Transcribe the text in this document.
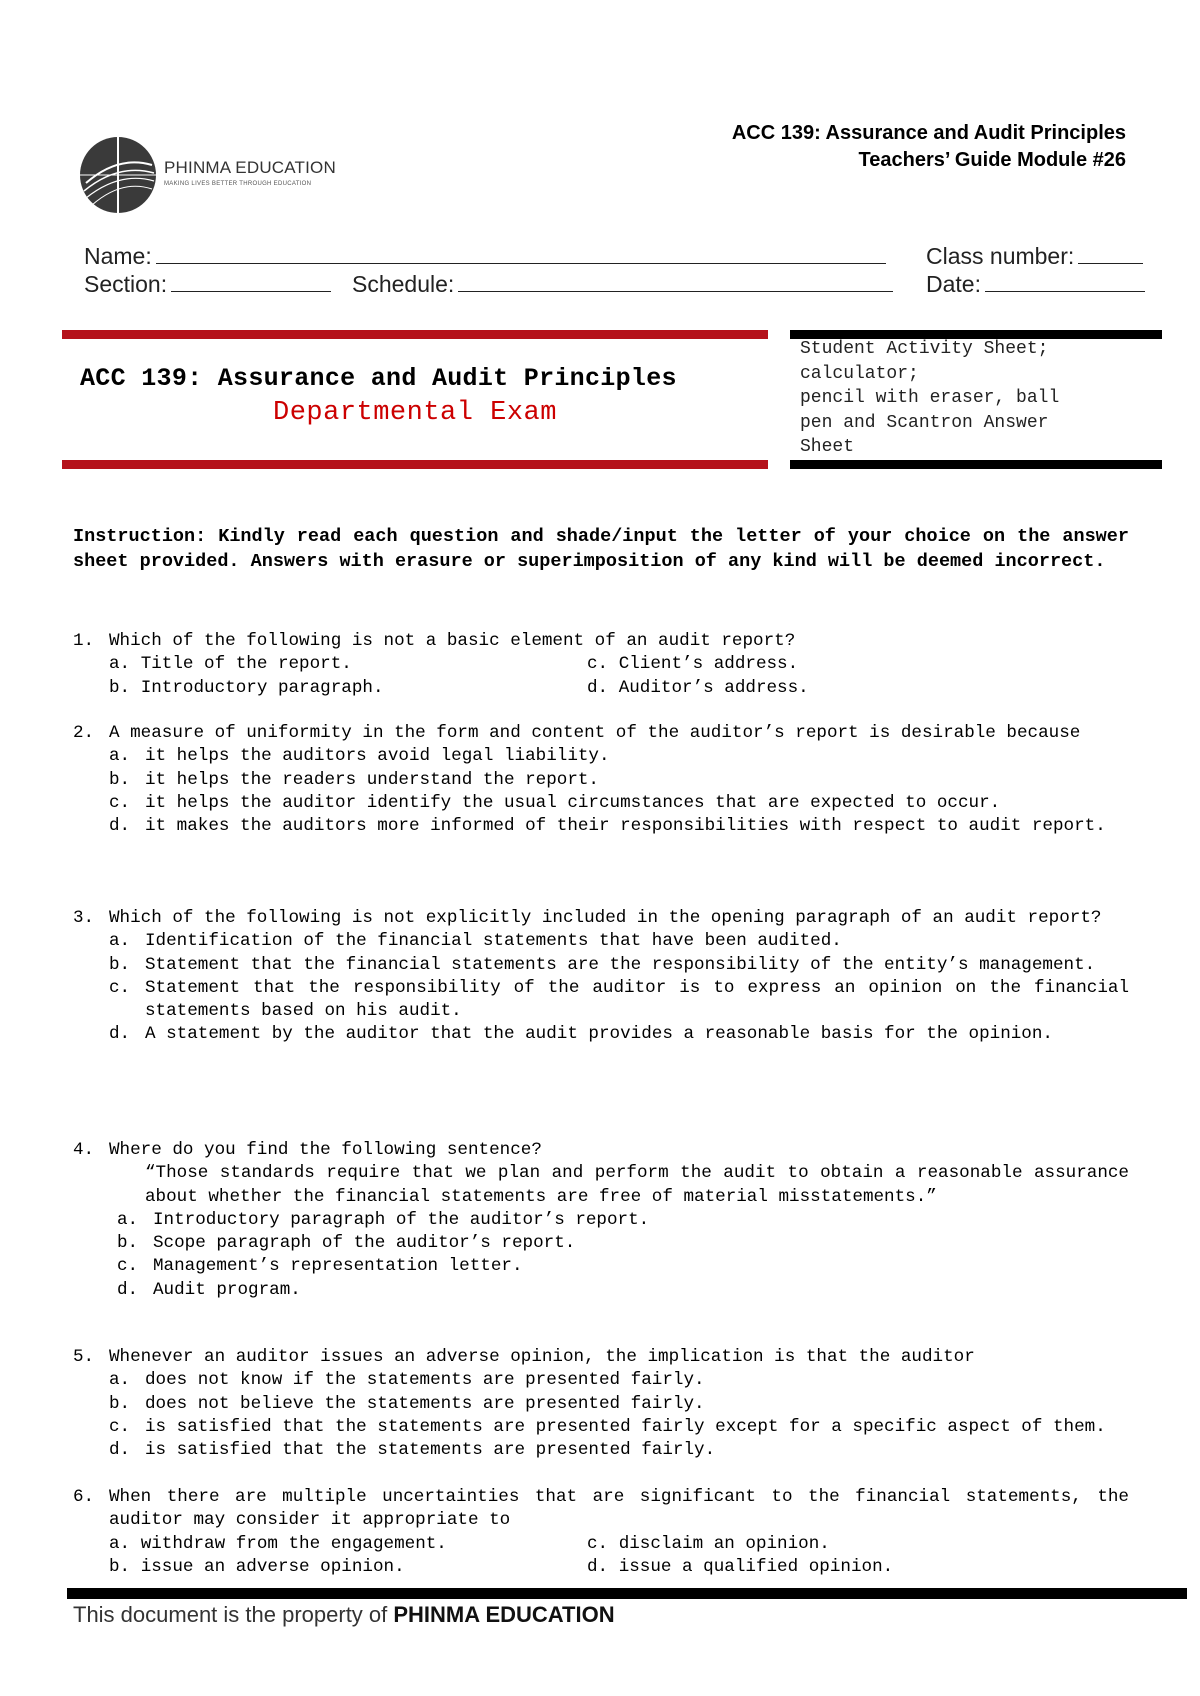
PHINMA EDUCATION
MAKING LIVES BETTER THROUGH EDUCATION
ACC 139: Assurance and Audit Principles
Teachers’ Guide Module #26
Name:	Class number:
Section:	Schedule:	Date:
ACC 139: Assurance and Audit Principles
Departmental Exam
Student Activity Sheet;
calculator;
pencil with eraser, ball
pen and Scantron Answer
Sheet
Instruction: Kindly read each question and shade/input the letter of your choice on the answer sheet provided. Answers with erasure or superimposition of any kind will be deemed incorrect.
1. Which of the following is not a basic element of an audit report?
a. Title of the report.	c. Client’s address.
b. Introductory paragraph.	d. Auditor’s address.
2. A measure of uniformity in the form and content of the auditor’s report is desirable because
a. it helps the auditors avoid legal liability.
b. it helps the readers understand the report.
c. it helps the auditor identify the usual circumstances that are expected to occur.
d. it makes the auditors more informed of their responsibilities with respect to audit report.
3. Which of the following is not explicitly included in the opening paragraph of an audit report?
a. Identification of the financial statements that have been audited.
b. Statement that the financial statements are the responsibility of the entity’s management.
c. Statement that the responsibility of the auditor is to express an opinion on the financial statements based on his audit.
d. A statement by the auditor that the audit provides a reasonable basis for the opinion.
4. Where do you find the following sentence?
“Those standards require that we plan and perform the audit to obtain a reasonable assurance about whether the financial statements are free of material misstatements.”
a. Introductory paragraph of the auditor’s report.
b. Scope paragraph of the auditor’s report.
c. Management’s representation letter.
d. Audit program.
5. Whenever an auditor issues an adverse opinion, the implication is that the auditor
a. does not know if the statements are presented fairly.
b. does not believe the statements are presented fairly.
c. is satisfied that the statements are presented fairly except for a specific aspect of them.
d. is satisfied that the statements are presented fairly.
6. When there are multiple uncertainties that are significant to the financial statements, the auditor may consider it appropriate to
a. withdraw from the engagement.	c. disclaim an opinion.
b. issue an adverse opinion.	d. issue a qualified opinion.
This document is the property of PHINMA EDUCATION
